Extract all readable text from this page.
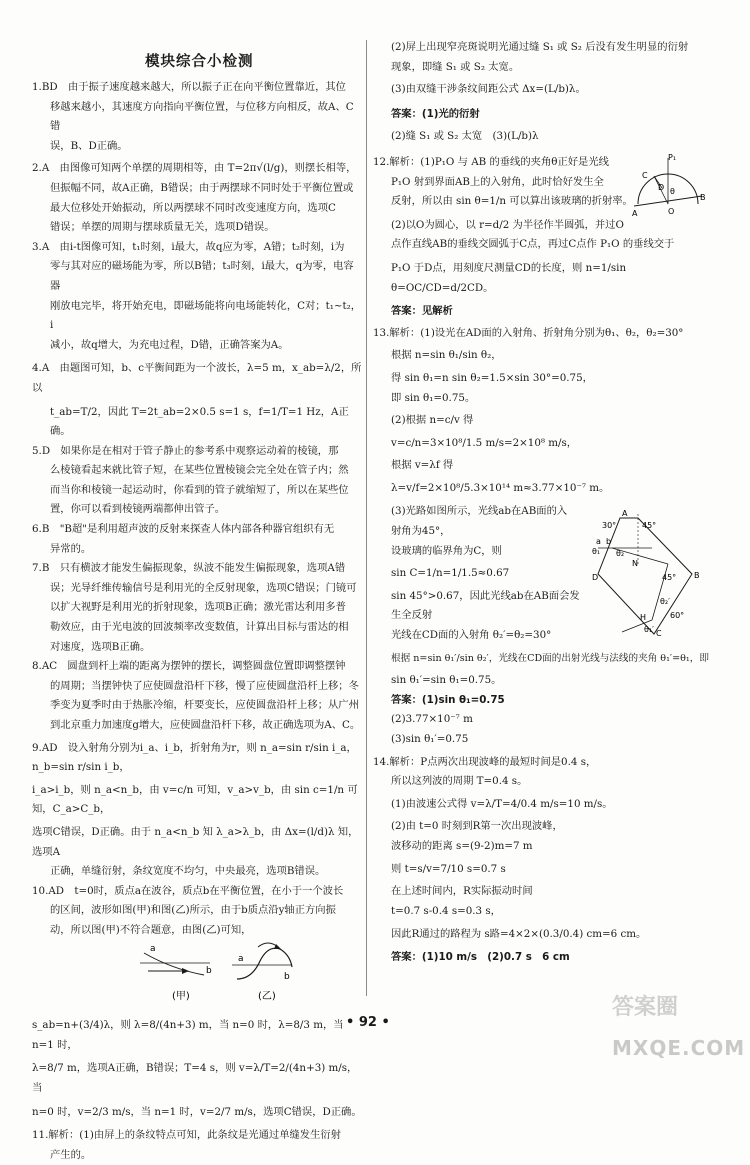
模块综合小检测

1.BD　由于振子速度越来越大，所以振子正在向平衡位置靠近，其位

移越来越小，其速度方向指向平衡位置，与位移方向相反，故A、C错

误，B、D正确。

2.A　由图像可知两个单摆的周期相等，由 T=2π√(l/g)，则摆长相等，

但振幅不同，故A正确，B错误；由于两摆球不同时处于平衡位置或

最大位移处开始振动，所以两摆球不同时改变速度方向，选项C

错误；单摆的周期与摆球质量无关，选项D错误。

3.A　由i-t图像可知，t₁时刻，i最大，故q应为零，A错；t₂时刻，i为

零与其对应的磁场能为零，所以B错；t₃时刻，i最大，q为零，电容器

刚放电完毕，将开始充电，即磁场能将向电场能转化，C对；t₁~t₂，i

减小，故q增大，为充电过程，D错，正确答案为A。

4.A　由题图可知，b、c平衡间距为一个波长，λ=5 m，x_ab=λ/2，所以

t_ab=T/2，因此 T=2t_ab=2×0.5 s=1 s，f=1/T=1 Hz，A正确。

5.D　如果你是在相对于管子静止的参考系中观察运动着的棱镜，那

么棱镜看起来就比管子短，在某些位置棱镜会完全处在管子内；然

而当你和棱镜一起运动时，你看到的管子就缩短了，所以在某些位

置，你可以看到棱镜两端都伸出管子。

6.B　"B超"是利用超声波的反射来探查人体内部各种器官组织有无

异常的。

7.B　只有横波才能发生偏振现象，纵波不能发生偏振现象，选项A错

误；光导纤维传输信号是利用光的全反射现象，选项C错误；门镜可

以扩大视野是利用光的折射现象，选项B正确；激光雷达利用多普

勒效应，由于光电波的回波频率改变数值，计算出目标与雷达的相

对速度，选项B正确。

8.AC　圆盘到杆上端的距离为摆钟的摆长，调整圆盘位置即调整摆钟

的周期；当摆钟快了应使圆盘沿杆下移，慢了应使圆盘沿杆上移；冬

季变为夏季时由于热胀冷缩，杆要变长，应使圆盘沿杆上移；从广州

到北京重力加速度g增大，应使圆盘沿杆下移，故正确选项为A、C。

9.AD　设入射角分别为i_a、i_b，折射角为r，则 n_a=sin r/sin i_a，n_b=sin r/sin i_b，

i_a>i_b，则 n_a<n_b，由 v=c/n 可知，v_a>v_b，由 sin c=1/n 可知，C_a>C_b，

选项C错误，D正确。由于 n_a<n_b 知 λ_a>λ_b，由 Δx=(l/d)λ 知，选项A

正确，单缝衍射，条纹宽度不均匀，中央最亮，选项B错误。

10.AD　t=0时，质点a在波谷，质点b在平衡位置，在小于一个波长

的区间，波形如图(甲)和图(乙)所示，由于b质点沿y轴正方向振

动，所以图(甲)不符合题意，由图(乙)可知，

a
b
(甲)
a
b
(乙)

s_ab=n+(3/4)λ，则 λ=8/(4n+3) m，当 n=0 时，λ=8/3 m，当 n=1 时，

λ=8/7 m，选项A正确，B错误；T=4 s，则 v=λ/T=2/(4n+3) m/s，当

n=0 时，v=2/3 m/s，当 n=1 时，v=2/7 m/s，选项C错误，D正确。

11.解析：(1)由屏上的条纹特点可知，此条纹是光通过单缝发生衍射

产生的。

(2)屏上出现窄亮斑说明光通过缝 S₁ 或 S₂ 后没有发生明显的衍射

现象，即缝 S₁ 或 S₂ 太宽。

(3)由双缝干涉条纹间距公式 Δx=(L/b)λ。

答案：(1)光的衍射

(2)缝 S₁ 或 S₂ 太宽　(3)(L/b)λ

12.解析：(1)P₁O 与 AB 的垂线的夹角θ正好是光线

P₁O 射到界面AB上的入射角，此时恰好发生全

反射，所以由 sin θ=1/n 可以算出该玻璃的折射率。

(2)以O为圆心，以 r=d/2 为半径作半圆弧，并过O

点作直线AB的垂线交圆弧于C点，再过C点作 P₁O 的垂线交于

P₁O 于D点，用刻度尺测量CD的长度，则 n=1/sin θ=OC/CD=d/2CD。

答案：见解析

13.解析：(1)设光在AD面的入射角、折射角分别为θ₁、θ₂，θ₂=30°

根据 n=sin θ₁/sin θ₂，

得 sin θ₁=n sin θ₂=1.5×sin 30°=0.75，

即 sin θ₁=0.75。

(2)根据 n=c/v 得

v=c/n=3×10⁸/1.5 m/s=2×10⁸ m/s，

根据 v=λf 得

λ=v/f=2×10⁸/5.3×10¹⁴ m≈3.77×10⁻⁷ m。

(3)光路如图所示，光线ab在AB面的入

射角为45°，

设玻璃的临界角为C，则

sin C=1/n=1/1.5≈0.67

sin 45°>0.67，因此光线ab在AB面会发

生全反射

光线在CD面的入射角 θ₂′=θ₂=30°

根据 n=sin θ₁′/sin θ₂′，光线在CD面的出射光线与法线的夹角 θ₁′=θ₁，即

sin θ₁′=sin θ₁=0.75。

答案：(1)sin θ₁=0.75

(2)3.77×10⁻⁷ m

(3)sin θ₁′=0.75

14.解析：P点两次出现波峰的最短时间是0.4 s，

所以这列波的周期 T=0.4 s。

(1)由波速公式得 v=λ/T=4/0.4 m/s=10 m/s。

(2)由 t=0 时刻到R第一次出现波峰，

波移动的距离 s=(9-2)m=7 m

则 t=s/v=7/10 s=0.7 s

在上述时间内，R实际振动时间

t=0.7 s-0.4 s=0.3 s，

因此R通过的路程为 s路=4×2×(0.3/0.4) cm=6 cm。

答案：(1)10 m/s　(2)0.7 s　6 cm

P₁
C
D θ
A	O
B
A
30°	45°
θ₁ θ₂
N
45° B
D
C
H
θ₂′
60°
θ₁′
a b
• 92 •
答案圈
MXQE.COM
